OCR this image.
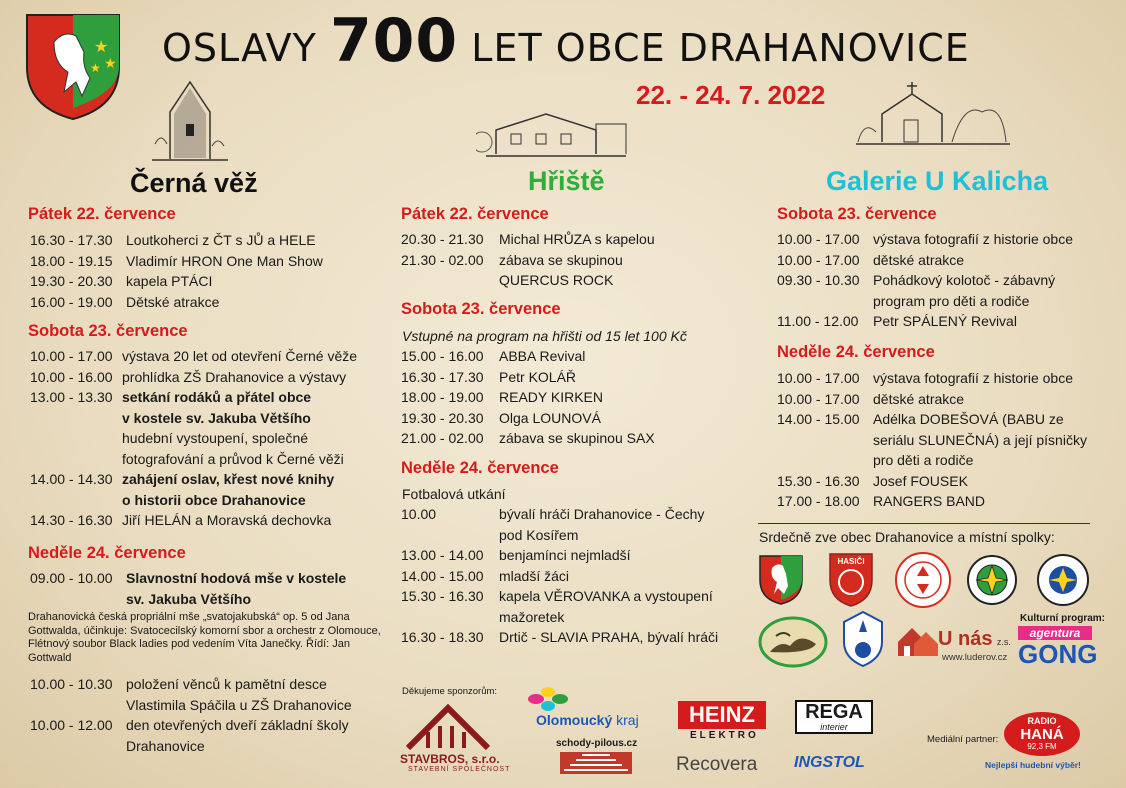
★
★
★ OSLAVY 700 LET OBCE DRAHANOVICE
22. - 24. 7. 2022
Černá věž	Hřiště	Galerie U Kalicha
Pátek 22. července
16.30 - 17.30 Loutkoherci z ČT s JŮ a HELE
18.00 - 19.15 Vladimír HRON One Man Show
19.30 - 20.30 kapela PTÁCI
16.00 - 19.00 Dětské atrakce
Sobota 23. července
10.00 - 17.00 výstava 20 let od otevření Černé věže
10.00 - 16.00 prohlídka ZŠ Drahanovice a výstavy
13.00 - 13.30 setkání rodáků a přátel obce
v kostele sv. Jakuba Většího
hudební vystoupení, společné
fotografování a průvod k Černé věži
14.00 - 14.30 zahájení oslav, křest nové knihy
o historii obce Drahanovice
14.30 - 16.30 Jiří HELÁN a Moravská dechovka
Neděle 24. července
09.00 - 10.00 Slavnostní hodová mše v kostele
sv. Jakuba Většího
Drahanovická česká propriální mše „svatojakubská“ op. 5 od Jana
Gottwalda, účinkuje: Svatocecilský komorní sbor a orchestr z Olomouce,
Flétnový soubor Black ladies pod vedením Víta Janečky. Řídí: Jan
Gottwald
10.00 - 10.30 položení věnců k pamětní desce
Vlastimila Spáčila u ZŠ Drahanovice
10.00 - 12.00 den otevřených dveří základní školy
Drahanovice
Pátek 22. července
20.30 - 21.30 Michal HRŮZA s kapelou
21.30 - 02.00 zábava se skupinou
QUERCUS ROCK
Sobota 23. července
Vstupné na program na hřišti od 15 let 100 Kč
15.00 - 16.00 ABBA Revival
16.30 - 17.30 Petr KOLÁŘ
18.00 - 19.00 READY KIRKEN
19.30 - 20.30 Olga LOUNOVÁ
21.00 - 02.00 zábava se skupinou SAX
Neděle 24. července
Fotbalová utkání
10.00	bývalí hráči Drahanovice - Čechy
pod Kosířem
13.00 - 14.00 benjamínci nejmladší
14.00 - 15.00 mladší žáci
15.30 - 16.30 kapela VĚROVANKA a vystoupení
mažoretek
16.30 - 18.30 Drtič - SLAVIA PRAHA, bývalí hráči
Sobota 23. července
10.00 - 17.00 výstava fotografií z historie obce
10.00 - 17.00 dětské atrakce
09.30 - 10.30 Pohádkový kolotoč - zábavný
program pro děti a rodiče
11.00 - 12.00 Petr SPÁLENÝ Revival
Neděle 24. července
10.00 - 17.00 výstava fotografií z historie obce
10.00 - 17.00 dětské atrakce
14.00 - 15.00 Adélka DOBEŠOVÁ (BABU ze
seriálu SLUNEČNÁ) a její písničky
pro děti a rodiče
15.30 - 16.30 Josef FOUSEK
17.00 - 18.00 RANGERS BAND
Srdečně zve obec Drahanovice a místní spolky:
HASIČI
U nás z.s.
www.luderov.cz
Kulturní program:
agentura
GONG
Děkujeme sponzorům:
STAVBROS, s.r.o.
STAVEBNÍ SPOLEČNOST
Olomoucký kraj
schody-pilous.cz
HEINZ
ELEKTRO
Recovera
REGA
interier
INGSTOL
Mediální partner:
RADIO
HANÁ
92,3 FM
Nejlepší hudební výběr!
